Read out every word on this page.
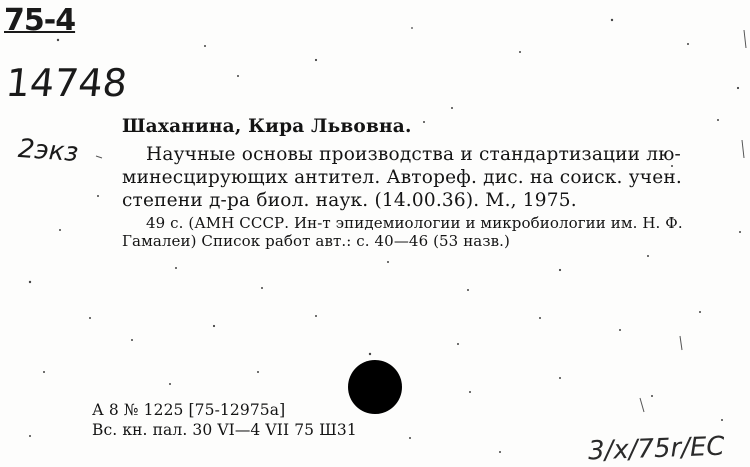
75-4
14748
2экз
3/x/75r/ЕС
Шаханина, Кира Львовна.
Научные основы производства и стандартизации лю-
минесцирующих антител. Автореф. дис. на соиск. учен.
степени д-ра биол. наук. (14.00.36). М., 1975.
49 с. (АМН СССР. Ин-т эпидемиологии и микробиологии им. Н. Ф.
Гамалеи) Список работ авт.: с. 40—46 (53 назв.)
А 8 № 1225 [75-12975а]
Вс. кн. пал. 30 VI—4 VII 75 Ш31
